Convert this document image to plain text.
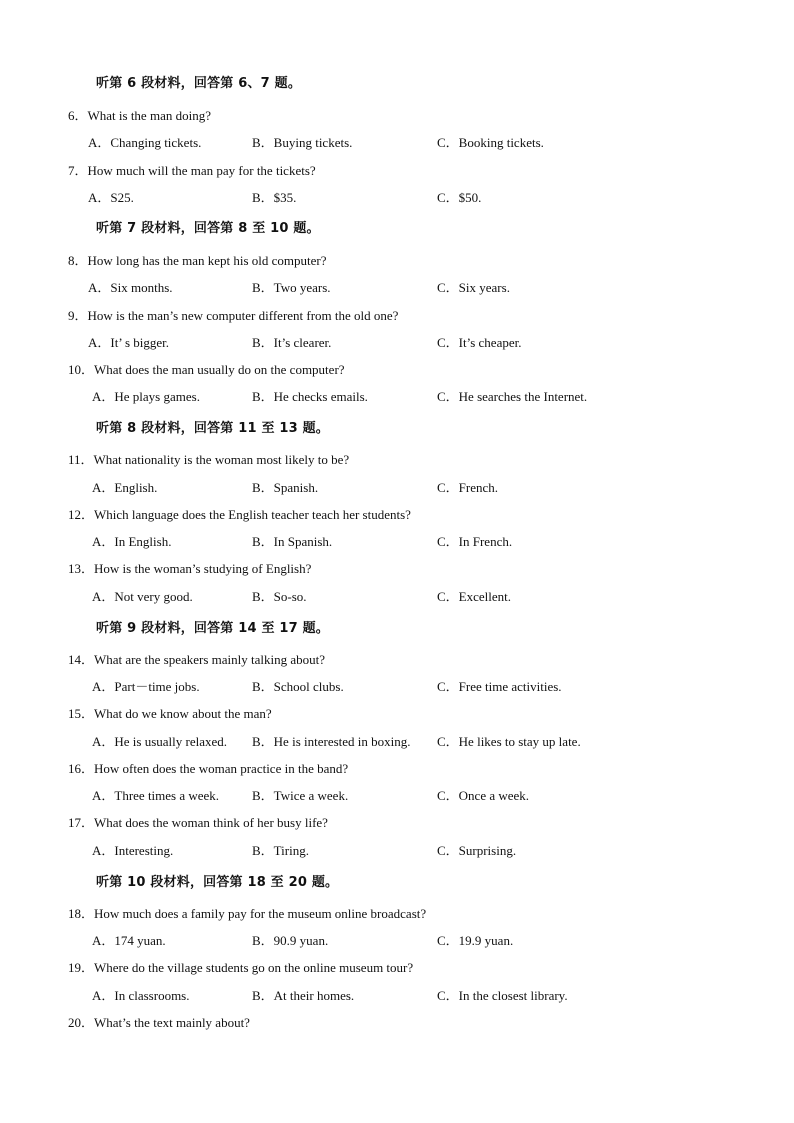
听第 6 段材料，回答第 6、7 题。
6．What is the man doing?
A．Changing tickets.	B．Buying tickets.	C．Booking tickets.
7．How much will the man pay for the tickets?
A．S25.	B．$35.	C．$50.
听第 7 段材料，回答第 8 至 10 题。
8．How long has the man kept his old computer?
A．Six months.	B．Two years.	C．Six years.
9．How is the man’s new computer different from the old one?
A．It’ s bigger.	B．It’s clearer.	C．It’s cheaper.
10．What does the man usually do on the computer?
A．He plays games.	B．He checks emails.	C．He searches the Internet.
听第 8 段材料，回答第 11 至 13 题。
11．What nationality is the woman most likely to be?
A．English.	B．Spanish.	C．French.
12．Which language does the English teacher teach her students?
A．In English.	B．In Spanish.	C．In French.
13．How is the woman’s studying of English?
A．Not very good.	B．So-so.	C．Excellent.
听第 9 段材料，回答第 14 至 17 题。
14．What are the speakers mainly talking about?
A．Part－time jobs.	B．School clubs.	C．Free time activities.
15．What do we know about the man?
A．He is usually relaxed. B．He is interested in boxing. C．He likes to stay up late.
16．How often does the woman practice in the band?
A．Three times a week.	B．Twice a week.	C．Once a week.
17．What does the woman think of her busy life?
A．Interesting.	B．Tiring.	C．Surprising.
听第 10 段材料，回答第 18 至 20 题。
18．How much does a family pay for the museum online broadcast?
A．174 yuan.	B．90.9 yuan.	C．19.9 yuan.
19．Where do the village students go on the online museum tour?
A．In classrooms.	B．At their homes.	C．In the closest library.
20．What’s the text mainly about?
